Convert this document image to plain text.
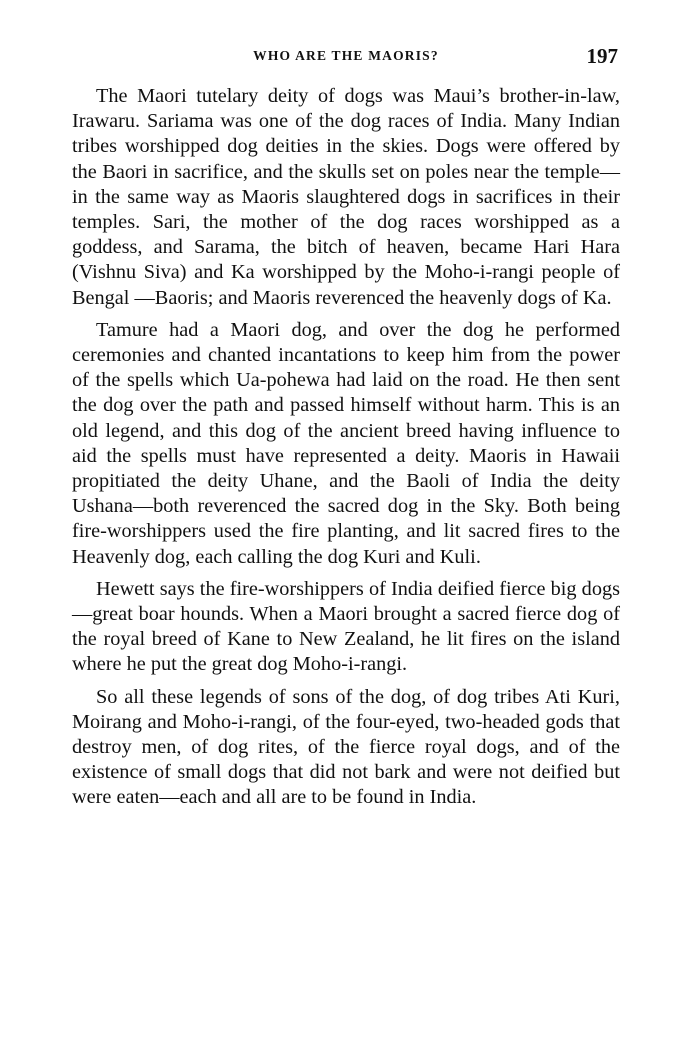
WHO ARE THE MAORIS?	197

The Maori tutelary deity of dogs was Maui’s brother-in-law, Irawaru. Sariama was one of the dog races of India. Many Indian tribes worshipped dog deities in the skies. Dogs were offered by the Baori in sacrifice, and the skulls set on poles near the temple—in the same way as Maoris slaughtered dogs in sacrifices in their temples. Sari, the mother of the dog races worshipped as a goddess, and Sarama, the bitch of heaven, became Hari Hara (Vishnu Siva) and Ka worshipped by the Moho-i-rangi people of Bengal —Baoris; and Maoris reverenced the heavenly dogs of Ka.

Tamure had a Maori dog, and over the dog he performed ceremonies and chanted incantations to keep him from the power of the spells which Ua-pohewa had laid on the road. He then sent the dog over the path and passed himself without harm. This is an old legend, and this dog of the ancient breed having influence to aid the spells must have represented a deity. Maoris in Hawaii propitiated the deity Uhane, and the Baoli of India the deity Ushana—both reverenced the sacred dog in the Sky. Both being fire-worshippers used the fire planting, and lit sacred fires to the Heavenly dog, each calling the dog Kuri and Kuli.

Hewett says the fire-worshippers of India deified fierce big dogs—great boar hounds. When a Maori brought a sacred fierce dog of the royal breed of Kane to New Zealand, he lit fires on the island where he put the great dog Moho-i-rangi.

So all these legends of sons of the dog, of dog tribes Ati Kuri, Moirang and Moho-i-rangi, of the four-eyed, two-headed gods that destroy men, of dog rites, of the fierce royal dogs, and of the existence of small dogs that did not bark and were not deified but were eaten—each and all are to be found in India.
